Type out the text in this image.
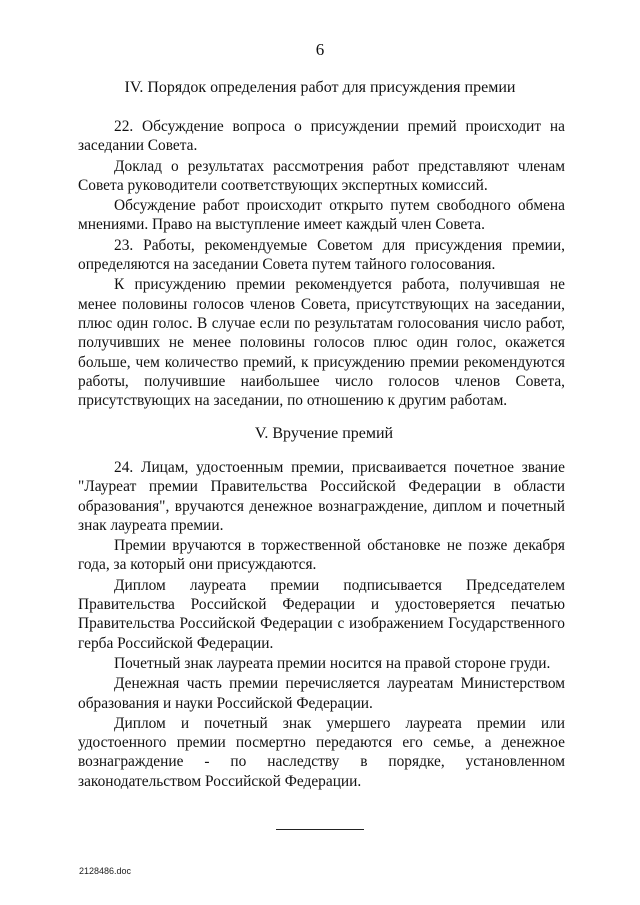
6
IV. Порядок определения работ для присуждения премии

22. Обсуждение вопроса о присуждении премий происходит на заседании Совета.

Доклад о результатах рассмотрения работ представляют членам Совета руководители соответствующих экспертных комиссий.

Обсуждение работ происходит открыто путем свободного обмена мнениями. Право на выступление имеет каждый член Совета.

23. Работы, рекомендуемые Советом для присуждения премии, определяются на заседании Совета путем тайного голосования.

К присуждению премии рекомендуется работа, получившая не менее половины голосов членов Совета, присутствующих на заседании, плюс один голос. В случае если по результатам голосования число работ, получивших не менее половины голосов плюс один голос, окажется больше, чем количество премий, к присуждению премии рекомендуются работы, получившие наибольшее число голосов членов Совета, присутствующих на заседании, по отношению к другим работам.

V. Вручение премий

24. Лицам, удостоенным премии, присваивается почетное звание "Лауреат премии Правительства Российской Федерации в области образования", вручаются денежное вознаграждение, диплом и почетный знак лауреата премии.

Премии вручаются в торжественной обстановке не позже декабря года, за который они присуждаются.

Диплом лауреата премии подписывается Председателем Правительства Российской Федерации и удостоверяется печатью Правительства Российской Федерации с изображением Государственного герба Российской Федерации.

Почетный знак лауреата премии носится на правой стороне груди.

Денежная часть премии перечисляется лауреатам Министерством образования и науки Российской Федерации.

Диплом и почетный знак умершего лауреата премии или удостоенного премии посмертно передаются его семье, а денежное вознаграждение - по наследству в порядке, установленном законодательством Российской Федерации.

2128486.doc
